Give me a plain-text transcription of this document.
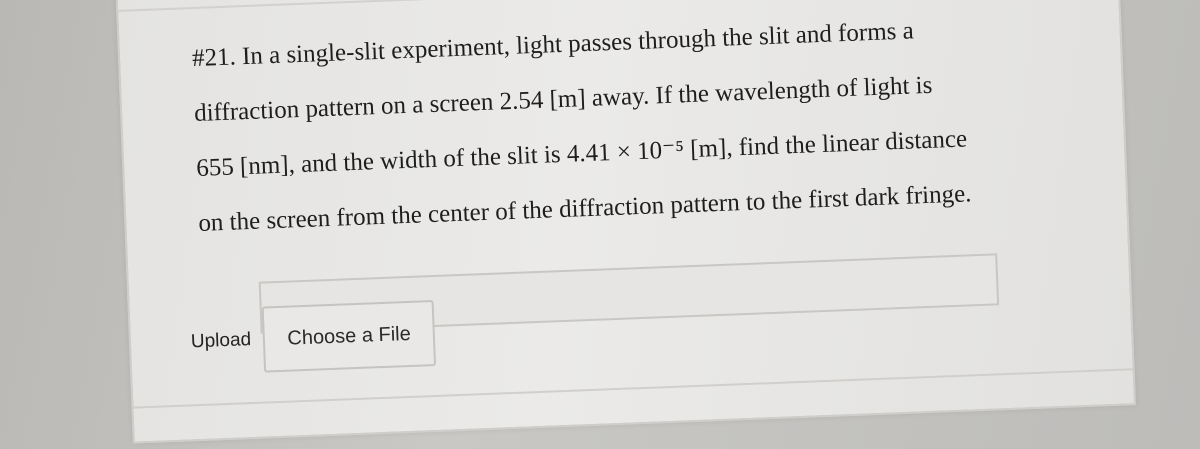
#21. In a single-slit experiment, light passes through the slit and forms a
diffraction pattern on a screen 2.54 [m] away. If the wavelength of light is
655 [nm], and the width of the slit is 4.41 × 10⁻⁵ [m], find the linear distance
on the screen from the center of the diffraction pattern to the first dark fringe.
Upload	Choose a File
